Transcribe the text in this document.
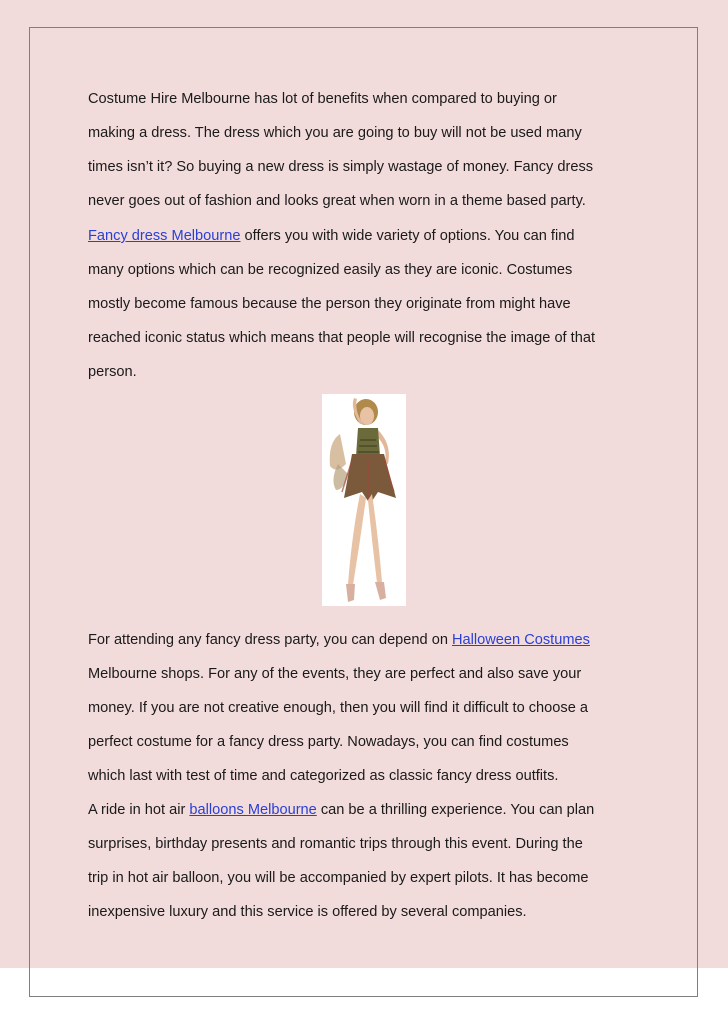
Costume Hire Melbourne has lot of benefits when compared to buying or
making a dress. The dress which you are going to buy will not be used many
times isn’t it? So buying a new dress is simply wastage of money. Fancy dress
never goes out of fashion and looks great when worn in a theme based party.
Fancy dress Melbourne offers you with wide variety of options. You can find
many options which can be recognized easily as they are iconic. Costumes
mostly become famous because the person they originate from might have
reached iconic status which means that people will recognise the image of that
person.
For attending any fancy dress party, you can depend on Halloween Costumes
Melbourne shops. For any of the events, they are perfect and also save your
money. If you are not creative enough, then you will find it difficult to choose a
perfect costume for a fancy dress party. Nowadays, you can find costumes
which last with test of time and categorized as classic fancy dress outfits.
A ride in hot air balloons Melbourne can be a thrilling experience. You can plan
surprises, birthday presents and romantic trips through this event. During the
trip in hot air balloon, you will be accompanied by expert pilots. It has become
inexpensive luxury and this service is offered by several companies.
